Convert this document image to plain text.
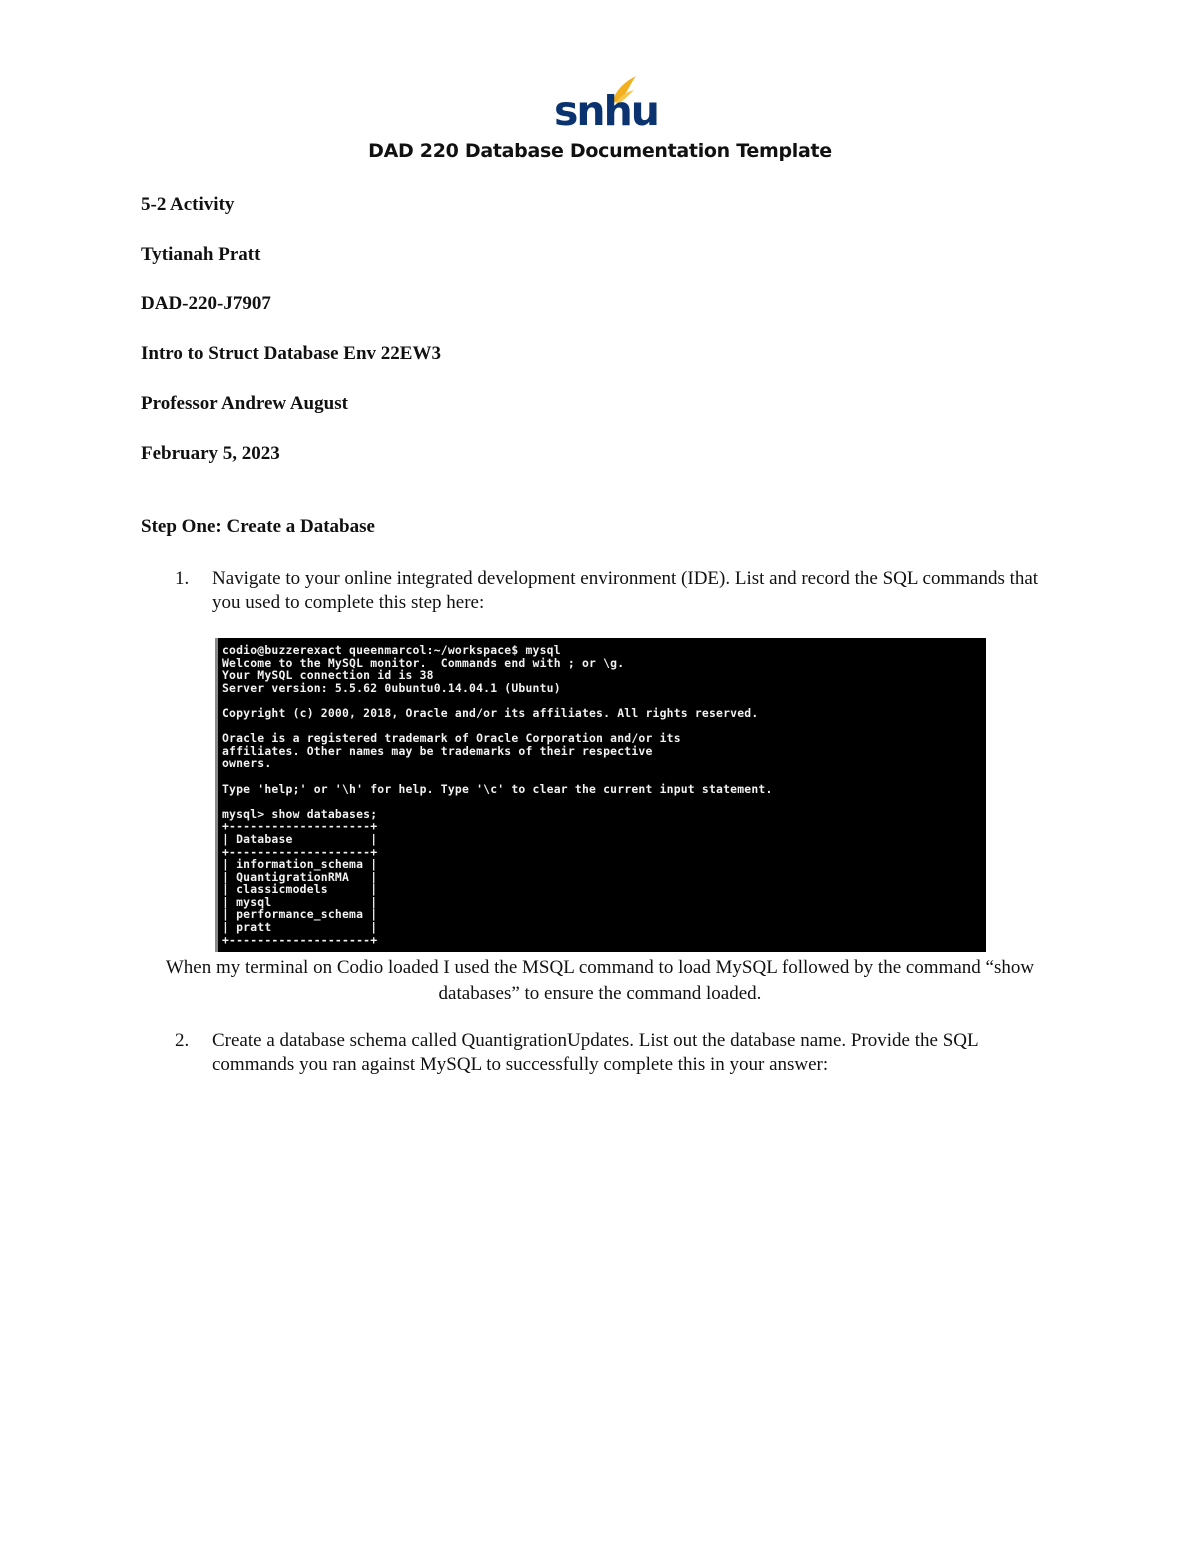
snhu
DAD 220 Database Documentation Template
5-2 Activity
Tytianah Pratt
DAD-220-J7907
Intro to Struct Database Env 22EW3
Professor Andrew August
February 5, 2023
Step One: Create a Database
1. Navigate to your online integrated development environment (IDE). List and record the SQL commands that you used to complete this step here:
codio@buzzerexact queenmarcol:~/workspace$ mysql
Welcome to the MySQL monitor.  Commands end with ; or \g.
Your MySQL connection id is 38
Server version: 5.5.62 0ubuntu0.14.04.1 (Ubuntu)
Copyright (c) 2000, 2018, Oracle and/or its affiliates. All rights reserved.
Oracle is a registered trademark of Oracle Corporation and/or its
affiliates. Other names may be trademarks of their respective
owners.
Type 'help;' or '\h' for help. Type '\c' to clear the current input statement.
mysql> show databases;
+--------------------+
| Database           |
+--------------------+
| information_schema |
| QuantigrationRMA   |
| classicmodels      |
| mysql              |
| performance_schema |
| pratt              |
+--------------------+
When my terminal on Codio loaded I used the MSQL command to load MySQL followed by the command “show databases” to ensure the command loaded.
2. Create a database schema called QuantigrationUpdates. List out the database name. Provide the SQL commands you ran against MySQL to successfully complete this in your answer:
